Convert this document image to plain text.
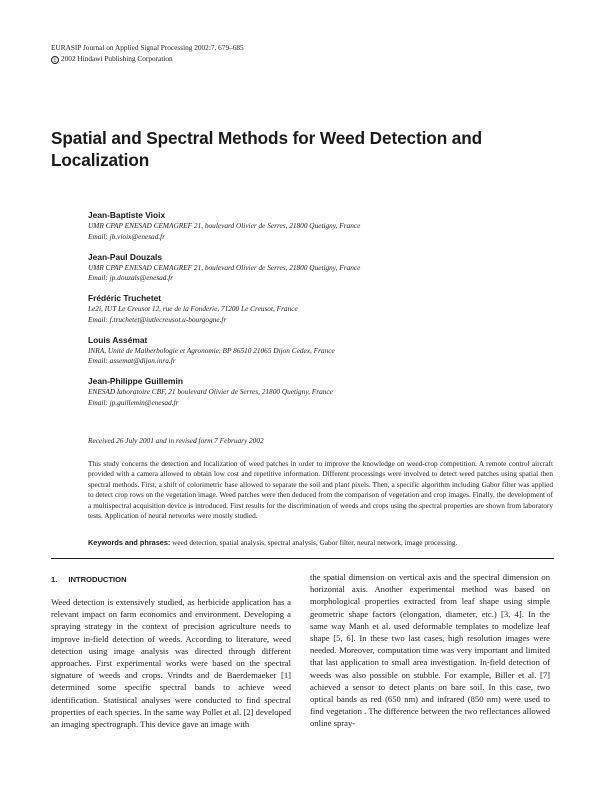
EURASIP Journal on Applied Signal Processing 2002:7, 679–685
c 2002 Hindawi Publishing Corporation
Spatial and Spectral Methods for Weed Detection and Localization
Jean-Baptiste Vioix
UMR CPAP ENESAD CEMAGREF 21, boulevard Olivier de Serres, 21800 Quetigny, France
Email: jb.vioix@enesad.fr
Jean-Paul Douzals
UMR CPAP ENESAD CEMAGREF 21, boulevard Olivier de Serres, 21800 Quetigny, France
Email: jp.douzals@enesad.fr
Frédéric Truchetet
Le2i, IUT Le Creusot 12, rue de la Fonderie, 71200 Le Creusot, France
Email: f.truchetet@iutlecreusot.u-bourgogne.fr
Louis Assémat
INRA, Unité de Malherbologie et Agronomie, BP 86510 21065 Dijon Cedex, France
Email: assemat@dijon.inra.fr
Jean-Philippe Guillemin
ENESAD laboratoire CBF, 21 boulevard Olivier de Serres, 21800 Quetigny, France
Email: jp.guillemin@enesad.fr
Received 26 July 2001 and in revised form 7 February 2002

This study concerns the detection and localization of weed patches in order to improve the knowledge on weed-crop competition. A remote control aircraft provided with a camera allowed to obtain low cost and repetitive information. Different processings were involved to detect weed patches using spatial then spectral methods. First, a shift of colorimetric base allowed to separate the soil and plant pixels. Then, a specific algorithm including Gabor filter was applied to detect crop rows on the vegetation image. Weed patches were then deduced from the comparison of vegetation and crop images. Finally, the development of a multispectral acquisition device is introduced. First results for the discrimination of weeds and crops using the spectral properties are shown from laboratory tests. Application of neural networks were mostly studied.

Keywords and phrases: weed detection, spatial analysis, spectral analysis, Gabor filter, neural network, image processing.
1. INTRODUCTION

Weed detection is extensively studied, as herbicide application has a relevant impact on farm economics and environment. Developing a spraying strategy in the context of precision agriculture needs to improve in-field detection of weeds. According to literature, weed detection using image analysis was directed through different approaches. First experimental works were based on the spectral signature of weeds and crops. Vrindts and de Baerdemaeker [1] determined some specific spectral bands to achieve weed identification. Statistical analyses were conducted to find spectral properties of each species. In the same way Pollet et al. [2] developed an imaging spectrograph. This device gave an image with

the spatial dimension on vertical axis and the spectral dimension on horizontal axis. Another experimental method was based on morphological properties extracted from leaf shape using simple geometric shape factors (elongation, diameter, etc.) [3, 4]. In the same way Manh et al. used deformable templates to modelize leaf shape [5, 6]. In these two last cases, high resolution images were needed. Moreover, computation time was very important and limited that last application to small area investigation. In-field detection of weeds was also possible on stubble. For example, Biller et al. [7] achieved a sensor to detect plants on bare soil. In this case, two optical bands as red (650 nm) and infrared (850 nm) were used to find vegetation . The difference between the two reflectances allowed online spray-
